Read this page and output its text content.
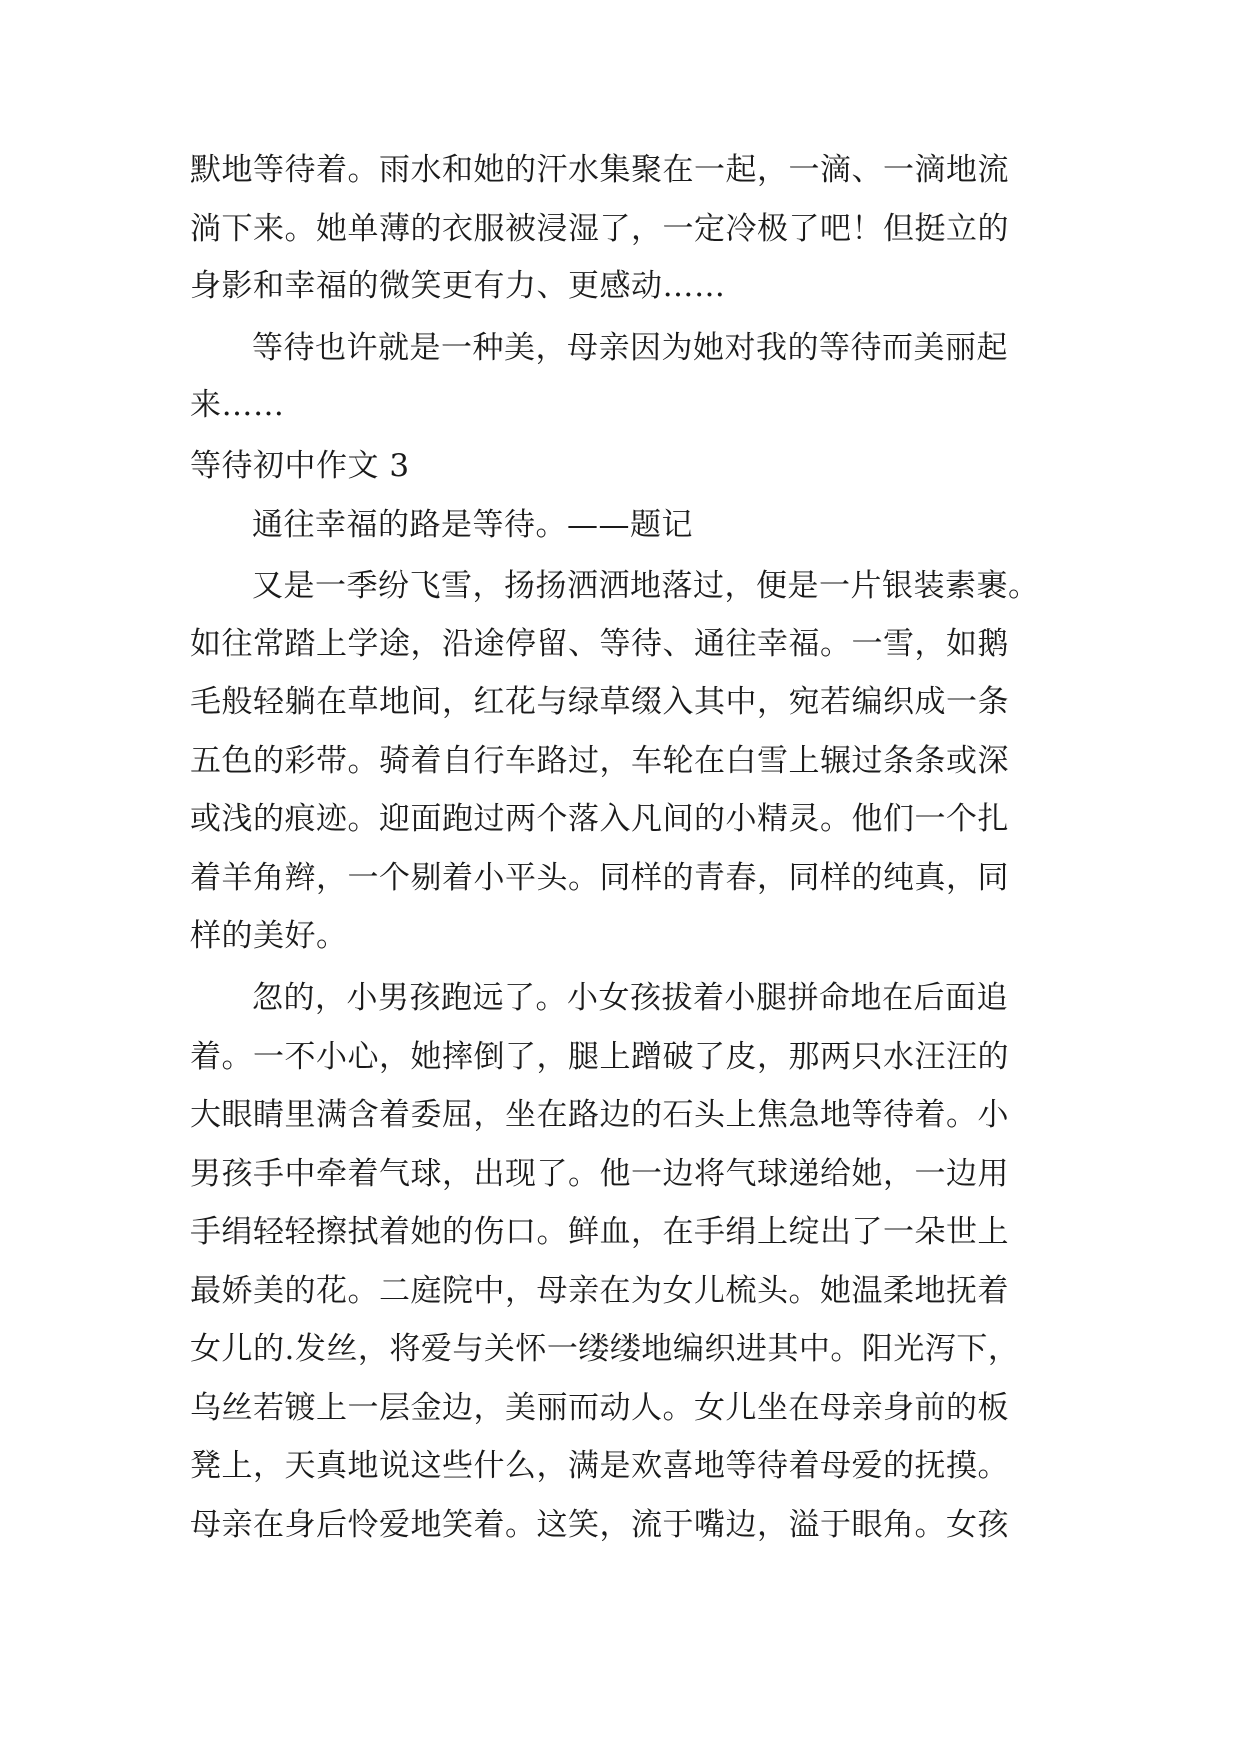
默地等待着。雨水和她的汗水集聚在一起，一滴、一滴地流
淌下来。她单薄的衣服被浸湿了，一定冷极了吧！但挺立的
身影和幸福的微笑更有力、更感动……
等待也许就是一种美，母亲因为她对我的等待而美丽起
来……
等待初中作文 3
通往幸福的路是等待。——题记
又是一季纷飞雪，扬扬洒洒地落过，便是一片银装素裹。
如往常踏上学途，沿途停留、等待、通往幸福。一雪，如鹅
毛般轻躺在草地间，红花与绿草缀入其中，宛若编织成一条
五色的彩带。骑着自行车路过，车轮在白雪上辗过条条或深
或浅的痕迹。迎面跑过两个落入凡间的小精灵。他们一个扎
着羊角辫，一个剔着小平头。同样的青春，同样的纯真，同
样的美好。
忽的，小男孩跑远了。小女孩拔着小腿拼命地在后面追
着。一不小心，她摔倒了，腿上蹭破了皮，那两只水汪汪的
大眼睛里满含着委屈，坐在路边的石头上焦急地等待着。小
男孩手中牵着气球，出现了。他一边将气球递给她，一边用
手绢轻轻擦拭着她的伤口。鲜血，在手绢上绽出了一朵世上
最娇美的花。二庭院中，母亲在为女儿梳头。她温柔地抚着
女儿的.发丝，将爱与关怀一缕缕地编织进其中。阳光泻下，
乌丝若镀上一层金边，美丽而动人。女儿坐在母亲身前的板
凳上，天真地说这些什么，满是欢喜地等待着母爱的抚摸。
母亲在身后怜爱地笑着。这笑，流于嘴边，溢于眼角。女孩
